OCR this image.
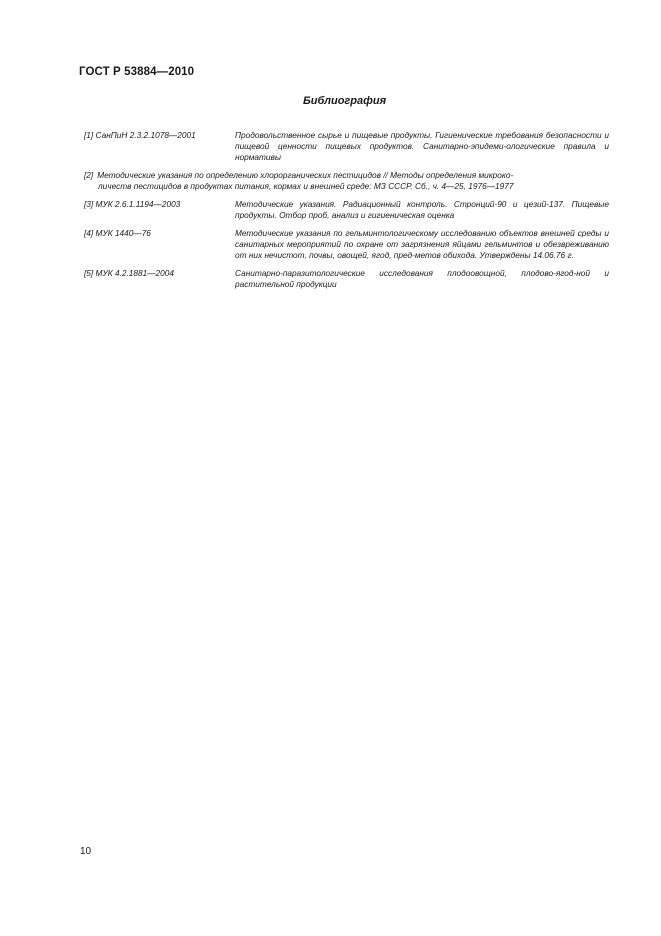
ГОСТ Р 53884—2010
Библиография
[1] СанПиН 2.3.2.1078—2001	Продовольственное сырье и пищевые продукты. Гигиенические требования безопасности и пищевой ценности пищевых продуктов. Санитарно-эпидеми-ологические правила и нормативы
[2] Методические указания по определению хлорорганических пестицидов // Методы определения микроко-
личеств пестицидов в продуктах питания, кормах и внешней среде: МЗ СССР. Сб., ч. 4—25, 1976—1977
[3] МУК 2.6.1.1194—2003	Методические указания. Радиационный контроль. Стронций-90 и цезий-137. Пищевые продукты. Отбор проб, анализ и гигиеническая оценка
[4] МУК 1440—76	Методические указания по гельминтологическому исследованию объектов внешней среды и санитарных мероприятий по охране от загрязнения яйцами гельминтов и обезвреживанию от них нечистот, почвы, овощей, ягод, пред-метов обихода. Утверждены 14.06.76 г.
[5] МУК 4.2.1881—2004	Санитарно-паразитологические исследования плодоовощной, плодово-ягод-ной и растительной продукции
10
